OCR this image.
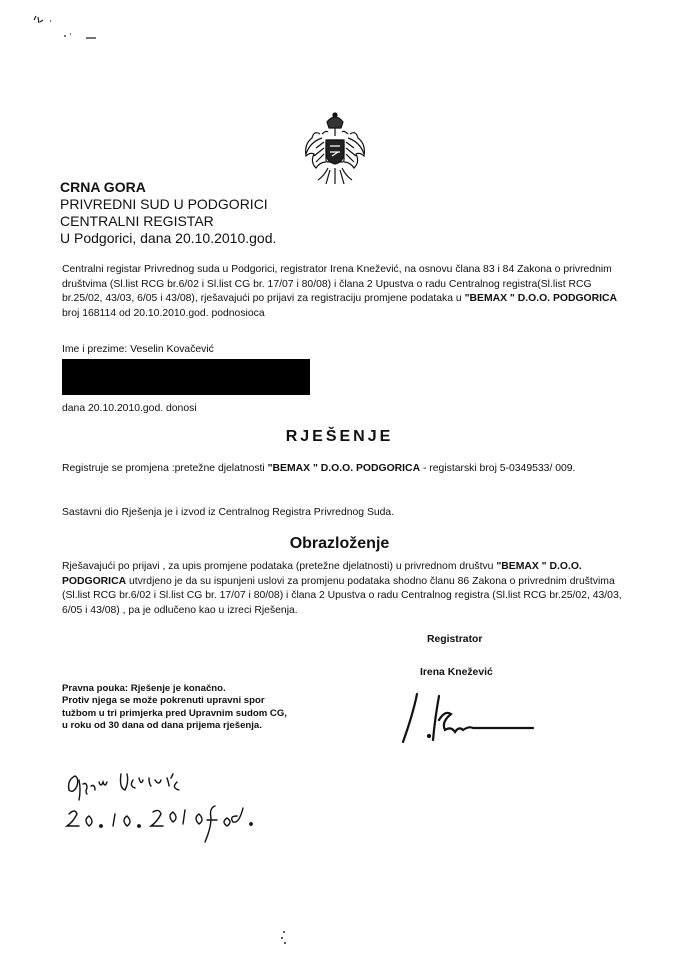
CRNA GORA
PRIVREDNI SUD U PODGORICI
CENTRALNI REGISTAR
U Podgorici, dana 20.10.2010.god.
Centralni registar Privrednog suda u Podgorici, registrator Irena Knežević, na osnovu člana 83 i 84 Zakona o privrednim društvima (Sl.list RCG br.6/02 i Sl.list CG br. 17/07 i 80/08) i člana 2 Upustva o radu Centralnog registra(Sl.list RCG br.25/02, 43/03, 6/05 i 43/08), rješavajući po prijavi za registraciju promjene podataka u "BEMAX " D.O.O. PODGORICA broj 168114 od 20.10.2010.god. podnosioca
Ime i prezime: Veselin Kovačević
dana 20.10.2010.god. donosi
RJEŠENJE
Registruje se promjena :pretežne djelatnosti "BEMAX " D.O.O. PODGORICA - registarski broj 5-0349533/ 009.
Sastavni dio Rješenja je i izvod iz Centralnog Registra Privrednog Suda.
Obrazloženje
Rješavajući po prijavi , za upis promjene podataka (pretežne djelatnosti) u privrednom društvu "BEMAX " D.O.O. PODGORICA utvrdjeno je da su ispunjeni uslovi za promjenu podataka shodno članu 86 Zakona o privrednim društvima (Sl.list RCG br.6/02 i Sl.list CG br. 17/07 i 80/08) i člana 2 Upustva o radu Centralnog registra (Sl.list RCG br.25/02, 43/03, 6/05 i 43/08) , pa je odlučeno kao u izreci Rješenja.
Registrator
Irena Knežević
Pravna pouka: Rješenje je konačno.
Protiv njega se može pokrenuti upravni spor
tužbom u tri primjerka pred Upravnim sudom CG,
u roku od 30 dana od dana prijema rješenja.
